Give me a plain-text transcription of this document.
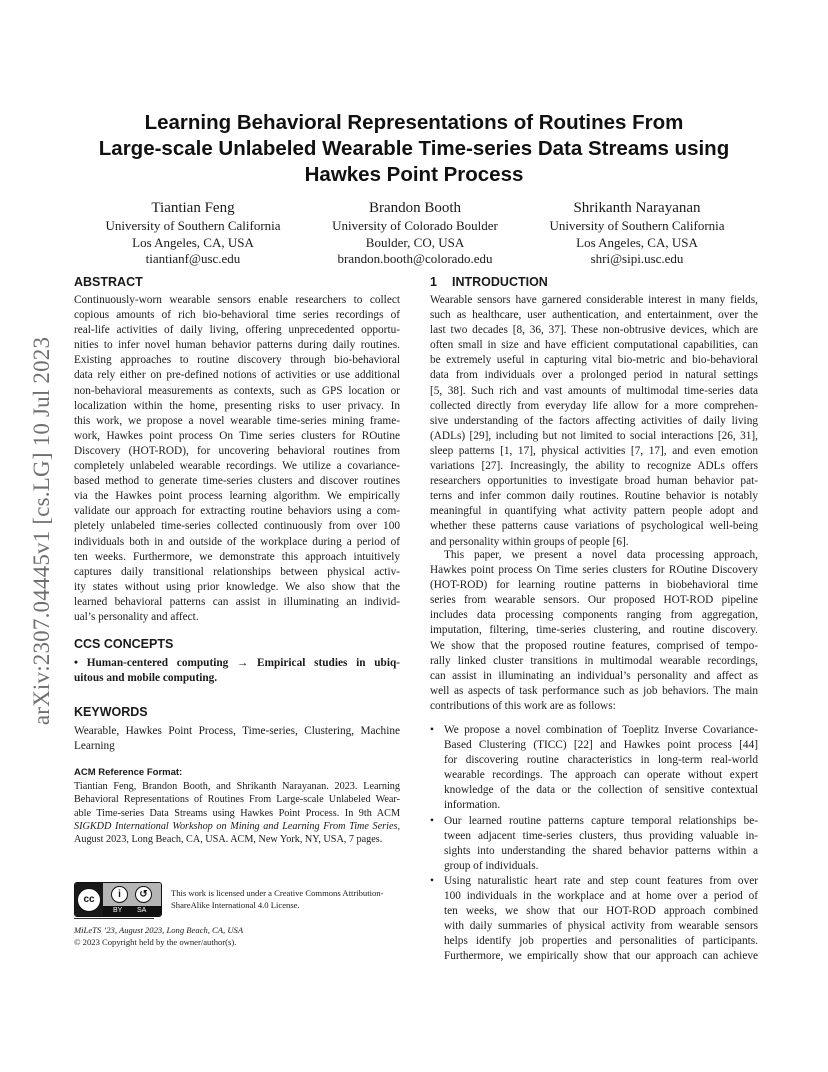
arXiv:2307.04445v1 [cs.LG] 10 Jul 2023
Learning Behavioral Representations of Routines From
Large-scale Unlabeled Wearable Time-series Data Streams using
Hawkes Point Process
Tiantian Feng
University of Southern California
Los Angeles, CA, USA
tiantianf@usc.edu
Brandon Booth
University of Colorado Boulder
Boulder, CO, USA
brandon.booth@colorado.edu
Shrikanth Narayanan
University of Southern California
Los Angeles, CA, USA
shri@sipi.usc.edu
ABSTRACT
Continuously-worn wearable sensors enable researchers to collect
copious amounts of rich bio-behavioral time series recordings of
real-life activities of daily living, offering unprecedented opportu-
nities to infer novel human behavior patterns during daily routines.
Existing approaches to routine discovery through bio-behavioral
data rely either on pre-defined notions of activities or use additional
non-behavioral measurements as contexts, such as GPS location or
localization within the home, presenting risks to user privacy. In
this work, we propose a novel wearable time-series mining frame-
work, Hawkes point process On Time series clusters for ROutine
Discovery (HOT-ROD), for uncovering behavioral routines from
completely unlabeled wearable recordings. We utilize a covariance-
based method to generate time-series clusters and discover routines
via the Hawkes point process learning algorithm. We empirically
validate our approach for extracting routine behaviors using a com-
pletely unlabeled time-series collected continuously from over 100
individuals both in and outside of the workplace during a period of
ten weeks. Furthermore, we demonstrate this approach intuitively
captures daily transitional relationships between physical activ-
ity states without using prior knowledge. We also show that the
learned behavioral patterns can assist in illuminating an individ-
ual’s personality and affect.
CCS CONCEPTS
• Human-centered computing → Empirical studies in ubiq-
uitous and mobile computing.
KEYWORDS
Wearable, Hawkes Point Process, Time-series, Clustering, Machine
Learning
ACM Reference Format:
Tiantian Feng, Brandon Booth, and Shrikanth Narayanan. 2023. Learning
Behavioral Representations of Routines From Large-scale Unlabeled Wear-
able Time-series Data Streams using Hawkes Point Process. In 9th ACM
SIGKDD International Workshop on Mining and Learning From Time Series,
August 2023, Long Beach, CA, USA. ACM, New York, NY, USA, 7 pages.
cc	i	↺
BY SA
This work is licensed under a Creative Commons Attribution-
ShareAlike International 4.0 License.
MiLeTS ’23, August 2023, Long Beach, CA, USA
© 2023 Copyright held by the owner/author(s).
1 INTRODUCTION
Wearable sensors have garnered considerable interest in many fields,
such as healthcare, user authentication, and entertainment, over the
last two decades [8, 36, 37]. These non-obtrusive devices, which are
often small in size and have efficient computational capabilities, can
be extremely useful in capturing vital bio-metric and bio-behavioral
data from individuals over a prolonged period in natural settings
[5, 38]. Such rich and vast amounts of multimodal time-series data
collected directly from everyday life allow for a more comprehen-
sive understanding of the factors affecting activities of daily living
(ADLs) [29], including but not limited to social interactions [26, 31],
sleep patterns [1, 17], physical activities [7, 17], and even emotion
variations [27]. Increasingly, the ability to recognize ADLs offers
researchers opportunities to investigate broad human behavior pat-
terns and infer common daily routines. Routine behavior is notably
meaningful in quantifying what activity pattern people adopt and
whether these patterns cause variations of psychological well-being
and personality within groups of people [6].
This paper, we present a novel data processing approach,
Hawkes point process On Time series clusters for ROutine Discovery
(HOT-ROD) for learning routine patterns in biobehavioral time
series from wearable sensors. Our proposed HOT-ROD pipeline
includes data processing components ranging from aggregation,
imputation, filtering, time-series clustering, and routine discovery.
We show that the proposed routine features, comprised of tempo-
rally linked cluster transitions in multimodal wearable recordings,
can assist in illuminating an individual’s personality and affect as
well as aspects of task performance such as job behaviors. The main
contributions of this work are as follows:
• We propose a novel combination of Toeplitz Inverse Covariance-
Based Clustering (TICC) [22] and Hawkes point process [44]
for discovering routine characteristics in long-term real-world
wearable recordings. The approach can operate without expert
knowledge of the data or the collection of sensitive contextual
information.
• Our learned routine patterns capture temporal relationships be-
tween adjacent time-series clusters, thus providing valuable in-
sights into understanding the shared behavior patterns within a
group of individuals.
• Using naturalistic heart rate and step count features from over
100 individuals in the workplace and at home over a period of
ten weeks, we show that our HOT-ROD approach combined
with daily summaries of physical activity from wearable sensors
helps identify job properties and personalities of participants.
Furthermore, we empirically show that our approach can achieve
